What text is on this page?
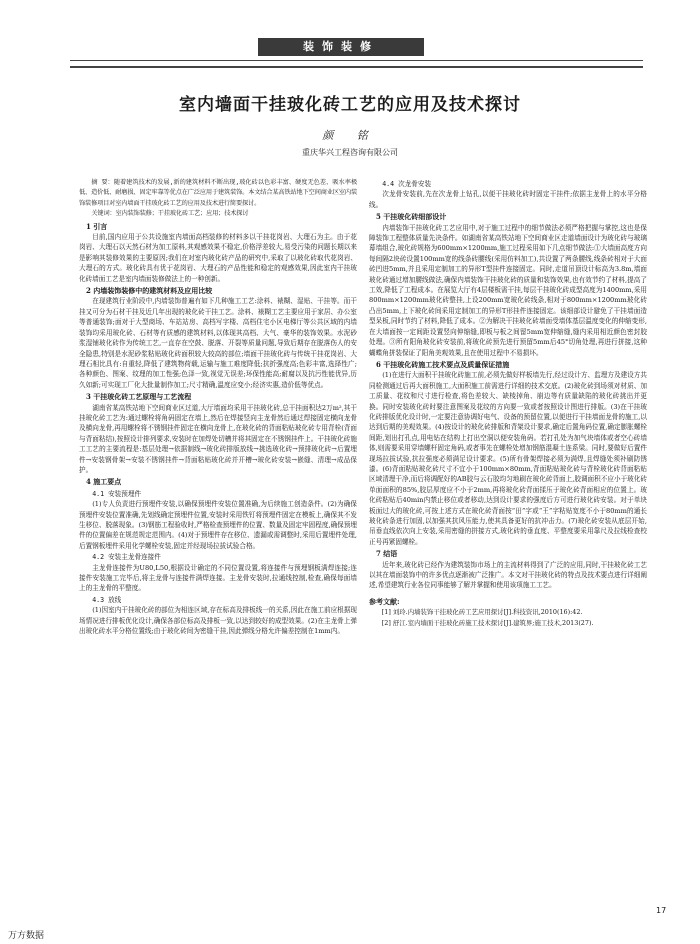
装饰装修
室内墙面干挂玻化砖工艺的应用及技术探讨
颜 铭
重庆华兴工程咨询有限公司

摘 要：随着建筑技术的发展,新的建筑材料不断出现,玻化砖以色彩丰富、硬度无色差、吸水率极低、造价低、耐磨损、固定牢靠等优点在广泛应用于建筑装饰。本文结合某高铁站地下空间商业区室内装饰装修项目对室内墙面干挂玻化砖工艺的应用及技术进行简要探讨。

关键词：室内装饰装修；干挂玻化砖工艺；应用；技术探讨

1 引言

目前,国内应用于公共设施室内墙面高档装修的材料多以干挂花岗岩、大理石为主。由于花岗岩、大理石以天然石材为加工原料,其观感效果不稳定,价格浮差较大,易受污染的问题长期以来是影响其装修效果的主要原因;我们在对室内玻化砖产品的研究中,采取了以玻化砖取代花岗岩、大理石的方式。玻化砖具有优于花岗岩、大理石的产品性能和稳定的观感效果,因此室内干挂玻化砖墙面工艺是室内墙面装修做法上的一种创新。

2 内墙装饰装修中的建筑材料及应用比较

在现建筑行业阶段中,内墙装饰普遍有如下几种施工工艺:涂料、裱糊、湿贴、干挂等。而干挂又可分为石材干挂及近几年出现的玻化砖干挂工艺。涂料、裱糊工艺主要应用于家居、办公室等普通装饰;面对于大型商场、车站站房、高档写字楼、高档住宅小区电梯厅等公共区域的内墙装饰均采用玻化砖、石材等有质感的建筑材料,以体现其高档、大气、豪华的装饰效果。水泥砂浆湿铺玻化砖作为传统工艺,一直存在空鼓、脱落、开裂等质量问题,导致后期存在脱落伤人的安全隐患,特别是水泥砂浆粘贴玻化砖面积较大较高的部位;墙面干挂玻化砖与传统干挂花岗岩、大理石相比具有:自重轻,降低了建筑物荷载,运输与施工难度降低;抗折强度高;色彩丰富,选择性广;各种颜色、图案、纹理的加工性强;色泽一致,视觉无误差;环保性能高;耐腐以及抗污性能优异,历久如新;可实现工厂化大批量制作加工;尺寸精确,温度应变小;经济实惠,造价低等优点。

3 干挂玻化砖工艺原理与工艺流程

湖南省某高铁站地下空间商业区过道,大厅墙面均采用干挂玻化砖,总干挂面积达2万m²,其干挂玻化砖工艺为:通过螺栓将角码固定在墙上,然后在焊接竖向主龙骨然后通过焊接固定横向龙骨及横向龙骨,再用螺栓将不锈钢挂件固定在横向龙骨上,在玻化砖的背面粘贴玻化砖专用背栓(背面与背面粘结),按照设计排列要求,安装时在加焊处切槽并将其固定在不锈钢挂件上。干挂玻化砖施工工艺的主要流程是:基层处理→依据制线→玻化砖排版放线→挑选玻化砖→预排玻化砖→后置埋件→安装钢骨架→安装不锈钢挂件→背面粘贴玻化砖并开槽→玻化砖安装→嵌缝、清理→成品保护。

4 施工要点
4.1 安装预埋件

(1)专人负责进行预埋件安装,以确保预埋件安装位置准确,为后续施工创造条件。(2)为确保预埋件安装位置准确,先划线确定预埋件位置,安装时采用铁钉将预埋件固定在模板上,确保其不发生移位、脱落现象。(3)钢筋工程验收时,严格检查预埋件的位置、数量及固定牢固程度,确保预埋件的位置偏差在规范规定范围内。(4)对于预埋件存在移位、遗漏或需调整时,采用后置埋件处理,后置钢板埋件采用化学螺栓安装,固定并经现场拉拔试验合格。

4.2 安装主龙骨连接件

主龙骨连接件为U80,L50,根据设计确定的不同位置设置,将连接件与预埋钢板满焊连接;连接件安装施工完毕后,将主龙骨与连接件满焊连接。主龙骨安装时,拉通线控制,检查,确保每面墙上的主龙骨的平整度。

4.3 放线

(1)因室内干挂玻化砖的部位为相连区域,存在标高及排板线一的关系,因此在施工前应根据现场情况进行排板优化设计,确保各部位标高及排板一致,以达到较好的成型效果。(2)在主龙骨上弹出玻化砖水平分格位置线;由于玻化砖间为密缝干挂,因此弹线分格允许偏差控制在1mm内。

4.4 次龙骨安装

次龙骨安装前,先在次龙骨上钻孔,以便干挂玻化砖时固定干挂件;依据主龙骨上的水平分格线。

5 干挂玻化砖细部设计

内墙装饰干挂玻化砖工艺应用中,对于施工过程中的细节做法必须严格把握与掌控,这也是保障装饰工程整体质量先决条件。如湖南省某高铁站地下空间商业区走道墙面设计为玻化砖与玻璃幕墙组合,玻化砖规格为600mm×1200mm,施工过程采用如下几点细节做法:①大墙面高度方向每间隔2块砖设置100mm宽的线条砖腰线(采用仿料加工),共设置了两条腰线,线条砖相对于大面砖凹进5mm,并且采用定制加工的异形T型挂件连接固定。同时,走道吊顶设计标高为3.8m,墙面玻化砖通过增加腰线做法,确保内墙装饰干挂玻化砖的质量和装饰效果,也有效节约了材料,提高了工效,降低了工程成本。在展览大厅有4层楼板需干挂,每层干挂玻化砖成型高度为1400mm,采用800mm×1200mm玻化砖整挂,上设200mm宽玻化砖线条,相对于800mm×1200mm玻化砖凸出5mm,上下玻化砖间采用定制加工的异形T形挂件连接固定。该细部设计避免了干挂墙面造型呆板,同时节约了材料,降低了成本。②为解决干挂玻化砖墙面受墙体基层温度变化的伸缩变形,在大墙面按一定间距设置竖向伸缩缝,即板与板之间留5mm宽伸缩缝,缝内采用相近颜色密封胶处理。③所有阳角玻化砖安装前,将玻化砖预先进行预留5mm后45°切角处理,再进行拼接,这种蝴蝶角拼装保证了阳角美观效果,且在使用过程中不易损坏。

6 干挂玻化砖施工技术要点及质量保证措施

(1)在进行大面积干挂玻化砖施工前,必须先做好样板墙先行,经过设计方、监理方及建设方共同检测通过后再大面积施工,大面积施工前需进行详细的技术交底。(2)玻化砖到场须对材质、加工质量、花纹和尺寸进行检查,将色差较大、缺棱掉角、崩边等有质量缺陷的玻化砖挑出并更换。同时安装玻化砖时要注意图案及花纹的方向要一致或者按照设计图进行排版。(3)在干挂玻化砖排版优化设计时,一定要注意协调好电气、设备的预留位置,以便进行干挂墙面龙骨的施工,以达到后期的美观效果。(4)按设计的玻化砖排版和背架设计要求,确定后置角码位置,确定膨胀螺栓间距,划出打孔点,用电钻在结构上打出空洞以便安装角码。若打孔处为加气块墙体或者空心砖墙体,则需要采用穿墙螺杆固定角码,或者事先在螺栓处增加钢筋混凝土连系梁。同时,要做好后置件现场拉拔试验,抗拉强度必须满足设计要求。(5)所有骨架焊接必须为满焊,且焊缝处须补刷防锈漆。(6)背面粘贴玻化砖尺寸不宜小于100mm×80mm,背面粘贴玻化砖与背栓玻化砖背面粘贴区域清理干净,而后将调配好的AB胶与云石胶均匀地刷在玻化砖背面上,胶调面积不应小于玻化砖单面面积的85%,胶层厚度应不小于2mm,再将玻化砖背面揉压于玻化砖背面相应的位置上。玻化砖粘贴后40min内禁止移位或者移动,达到设计要求的强度后方可进行玻化砖安装。对于单块板面过大的玻化砖,可按上述方式在玻化砖背面按“田”字或“王”字粘贴宽度不小于80mm的通长玻化砖条进行加固,以加强其抗风压能力,使其具备更好的抗冲击力。(7)玻化砖安装从底层开始,吊垂直线依次向上安装,采用密缝的拼接方式,玻化砖的垂直度、平整度要采用靠尺及拉线检查校正号再紧固螺栓。

7 结语

近年来,玻化砖已经作为建筑装饰市场上的主流材料得到了广泛的应用,同时,干挂玻化砖工艺以其在墙面装饰中的许多优点逐渐被广泛推广。本文对干挂玻化砖的特点及技术要点进行详细阐述,希望建筑行业各位同事能够了解并掌握和使用该项施工工艺。

参考文献:

[1] 刘玲.内墙装饰干挂玻化砖工艺应用探讨[J].科技资讯,2010(16):42.

[2] 舒江.室内墙面干挂玻化砖施工技术探讨[J].建筑界;施工技术,2013(27).

17
万方数据
